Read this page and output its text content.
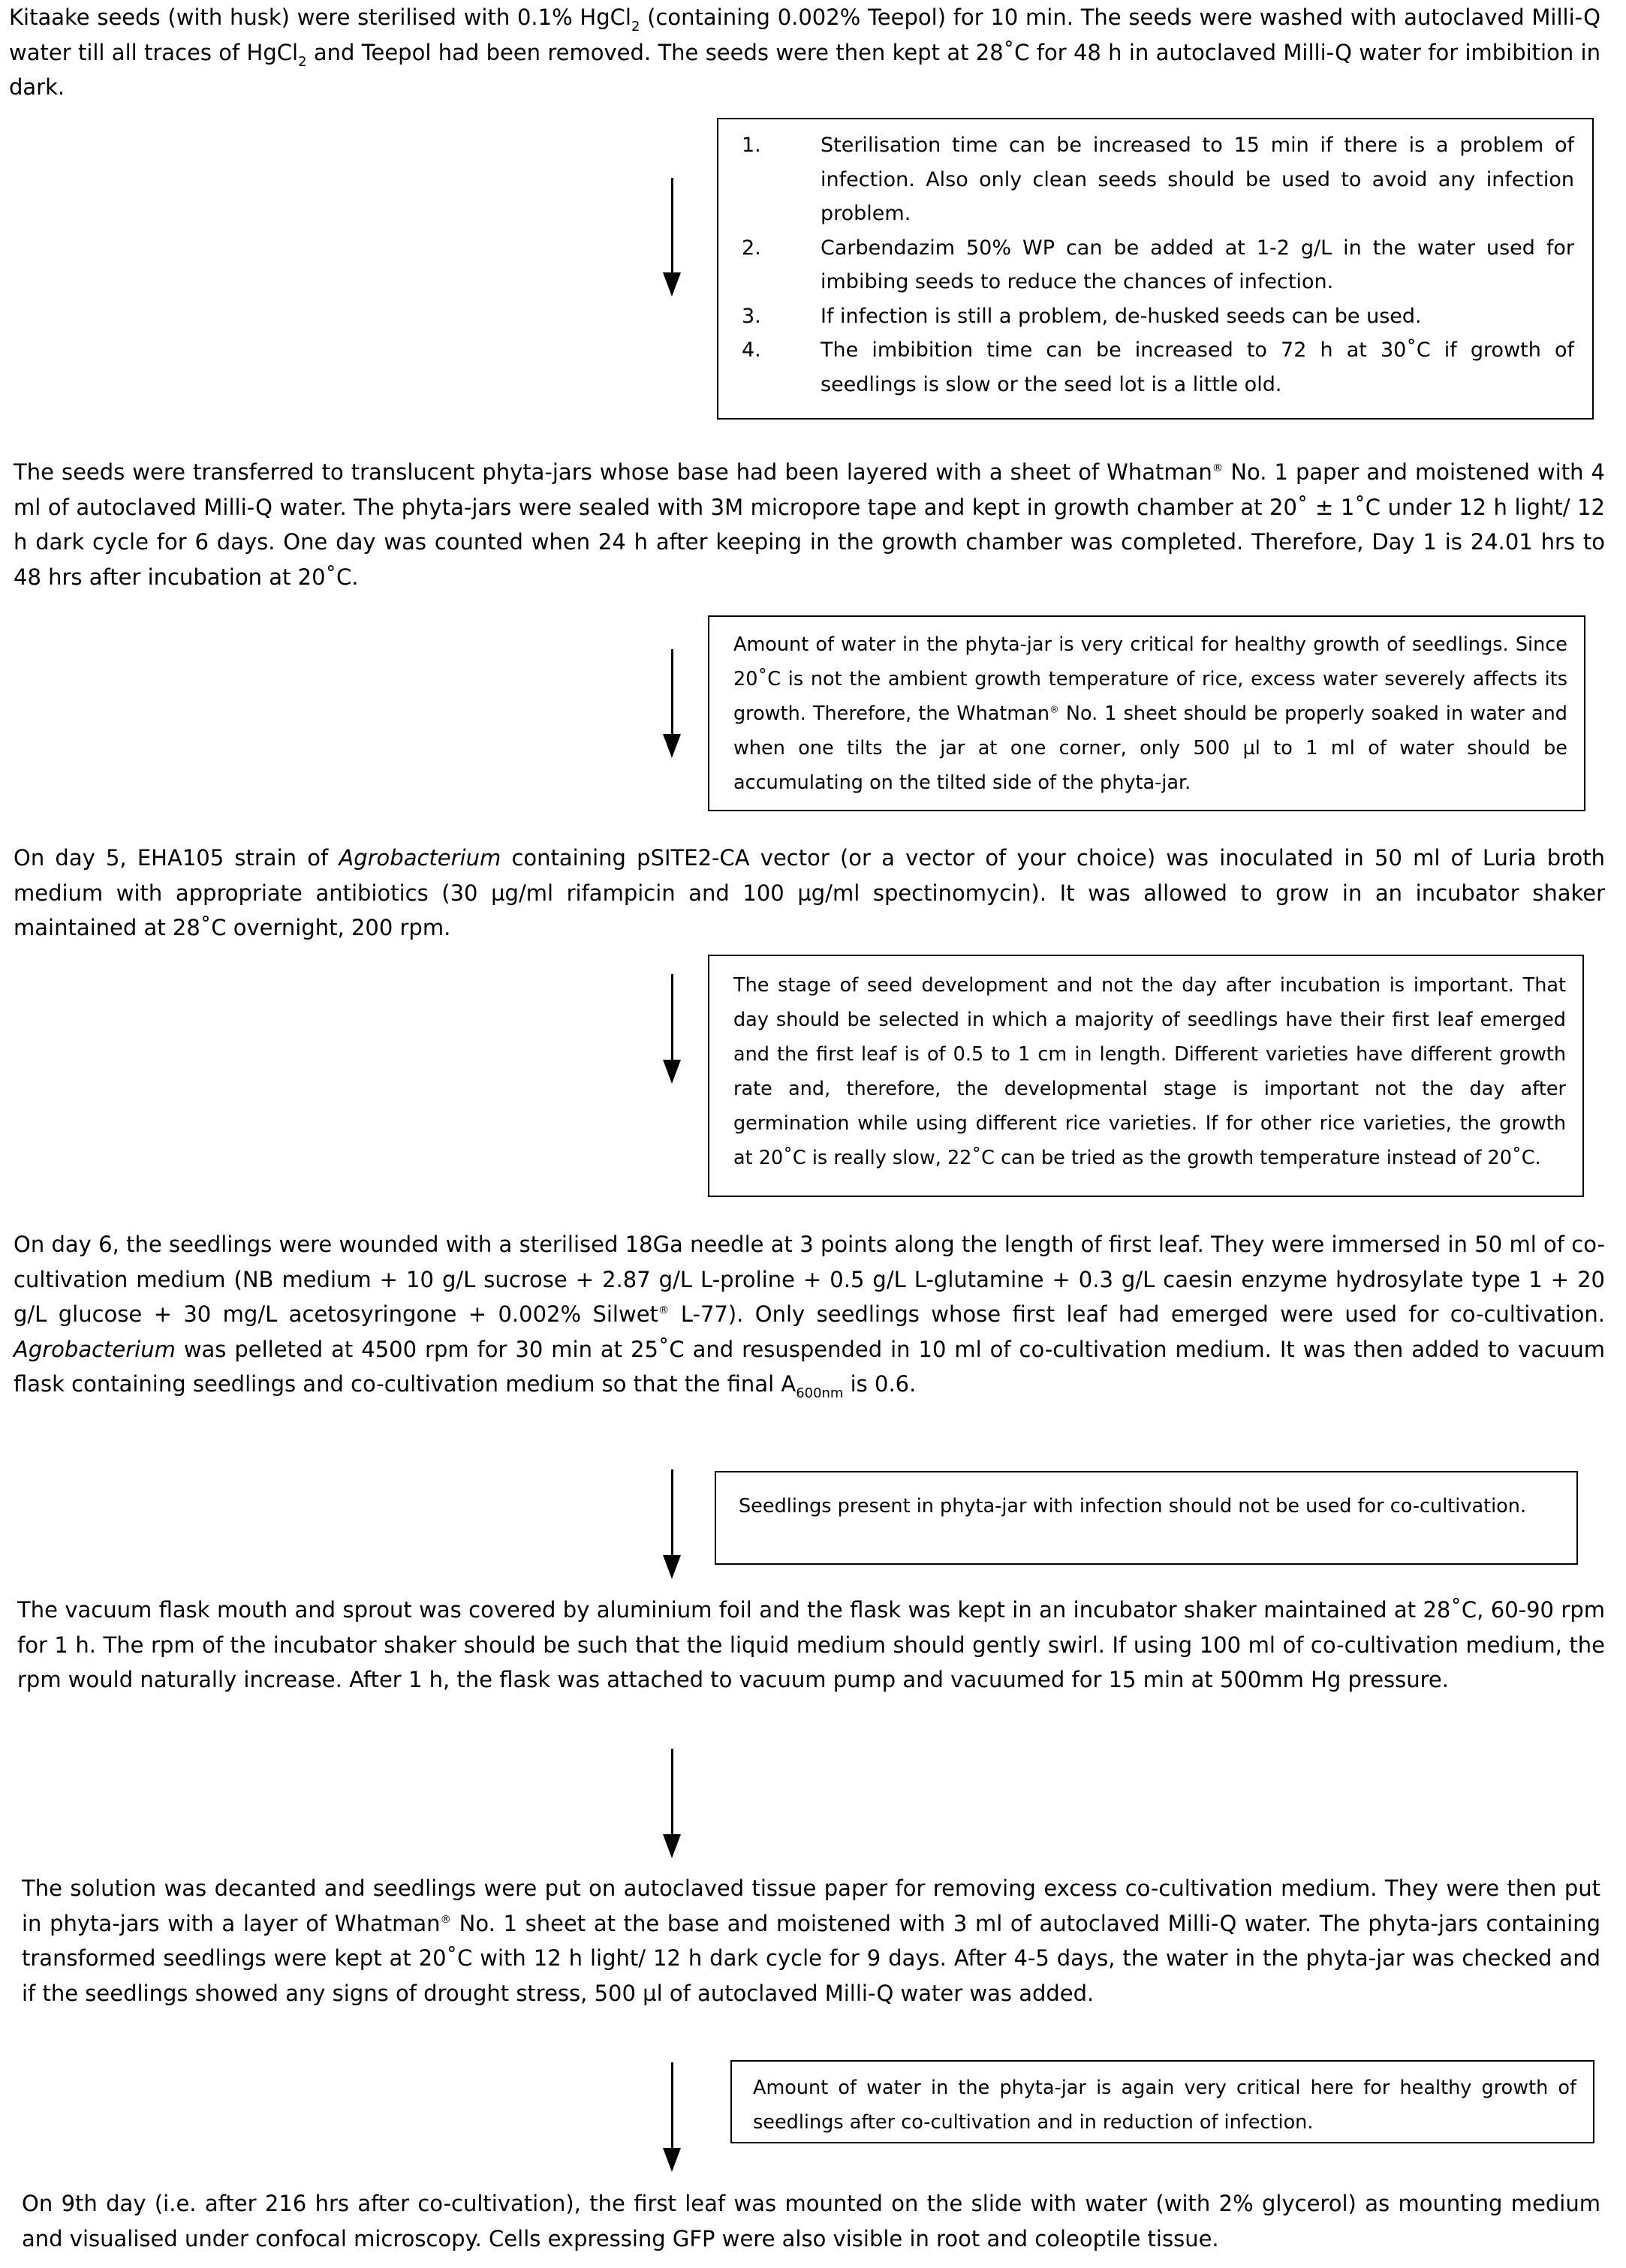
Kitaake seeds (with husk) were sterilised with 0.1% HgCl$_2$ (containing 0.002% Teepol) for 10 min. The seeds were washed with autoclaved Milli-Q water till all traces of HgCl$_2$ and Teepol had been removed. The seeds were then kept at 28˚C for 48 h in autoclaved Milli-Q water for imbibition in dark.

1.	Sterilisation time can be increased to 15 min if there is a problem of infection. Also only clean seeds should be used to avoid any infection problem.
2.	Carbendazim 50% WP can be added at 1-2 g/L in the water used for imbibing seeds to reduce the chances of infection.
3.	If infection is still a problem, de-husked seeds can be used.
4.	The imbibition time can be increased to 72 h at 30˚C if growth of seedlings is slow or the seed lot is a little old.

The seeds were transferred to translucent phyta-jars whose base had been layered with a sheet of Whatman® No. 1 paper and moistened with 4 ml of autoclaved Milli-Q water. The phyta-jars were sealed with 3M micropore tape and kept in growth chamber at 20˚ ± 1˚C under 12 h light/ 12 h dark cycle for 6 days. One day was counted when 24 h after keeping in the growth chamber was completed. Therefore, Day 1 is 24.01 hrs to 48 hrs after incubation at 20˚C.

Amount of water in the phyta-jar is very critical for healthy growth of seedlings. Since 20˚C is not the ambient growth temperature of rice, excess water severely affects its growth. Therefore, the Whatman® No. 1 sheet should be properly soaked in water and when one tilts the jar at one corner, only 500 µl to 1 ml of water should be accumulating on the tilted side of the phyta-jar.

On day 5, EHA105 strain of Agrobacterium containing pSITE2-CA vector (or a vector of your choice) was inoculated in 50 ml of Luria broth medium with appropriate antibiotics (30 µg/ml rifampicin and 100 µg/ml spectinomycin). It was allowed to grow in an incubator shaker maintained at 28˚C overnight, 200 rpm.

The stage of seed development and not the day after incubation is important. That day should be selected in which a majority of seedlings have their first leaf emerged and the first leaf is of 0.5 to 1 cm in length. Different varieties have different growth rate and, therefore, the developmental stage is important not the day after germination while using different rice varieties. If for other rice varieties, the growth at 20˚C is really slow, 22˚C can be tried as the growth temperature instead of 20˚C.

On day 6, the seedlings were wounded with a sterilised 18Ga needle at 3 points along the length of first leaf. They were immersed in 50 ml of co-cultivation medium (NB medium + 10 g/L sucrose + 2.87 g/L L-proline + 0.5 g/L L-glutamine + 0.3 g/L caesin enzyme hydrosylate type 1 + 20 g/L glucose + 30 mg/L acetosyringone + 0.002% Silwet® L-77). Only seedlings whose first leaf had emerged were used for co-cultivation. Agrobacterium was pelleted at 4500 rpm for 30 min at 25˚C and resuspended in 10 ml of co-cultivation medium. It was then added to vacuum flask containing seedlings and co-cultivation medium so that the final $A_{600nm}$ is 0.6.

Seedlings present in phyta-jar with infection should not be used for co-cultivation.

The vacuum flask mouth and sprout was covered by aluminium foil and the flask was kept in an incubator shaker maintained at 28˚C, 60-90 rpm for 1 h. The rpm of the incubator shaker should be such that the liquid medium should gently swirl. If using 100 ml of co-cultivation medium, the rpm would naturally increase. After 1 h, the flask was attached to vacuum pump and vacuumed for 15 min at 500mm Hg pressure.

The solution was decanted and seedlings were put on autoclaved tissue paper for removing excess co-cultivation medium. They were then put in phyta-jars with a layer of Whatman® No. 1 sheet at the base and moistened with 3 ml of autoclaved Milli-Q water. The phyta-jars containing transformed seedlings were kept at 20˚C with 12 h light/ 12 h dark cycle for 9 days. After 4-5 days, the water in the phyta-jar was checked and if the seedlings showed any signs of drought stress, 500 µl of autoclaved Milli-Q water was added.

Amount of water in the phyta-jar is again very critical here for healthy growth of seedlings after co-cultivation and in reduction of infection.

On 9th day (i.e. after 216 hrs after co-cultivation), the first leaf was mounted on the slide with water (with 2% glycerol) as mounting medium and visualised under confocal microscopy. Cells expressing GFP were also visible in root and coleoptile tissue.
